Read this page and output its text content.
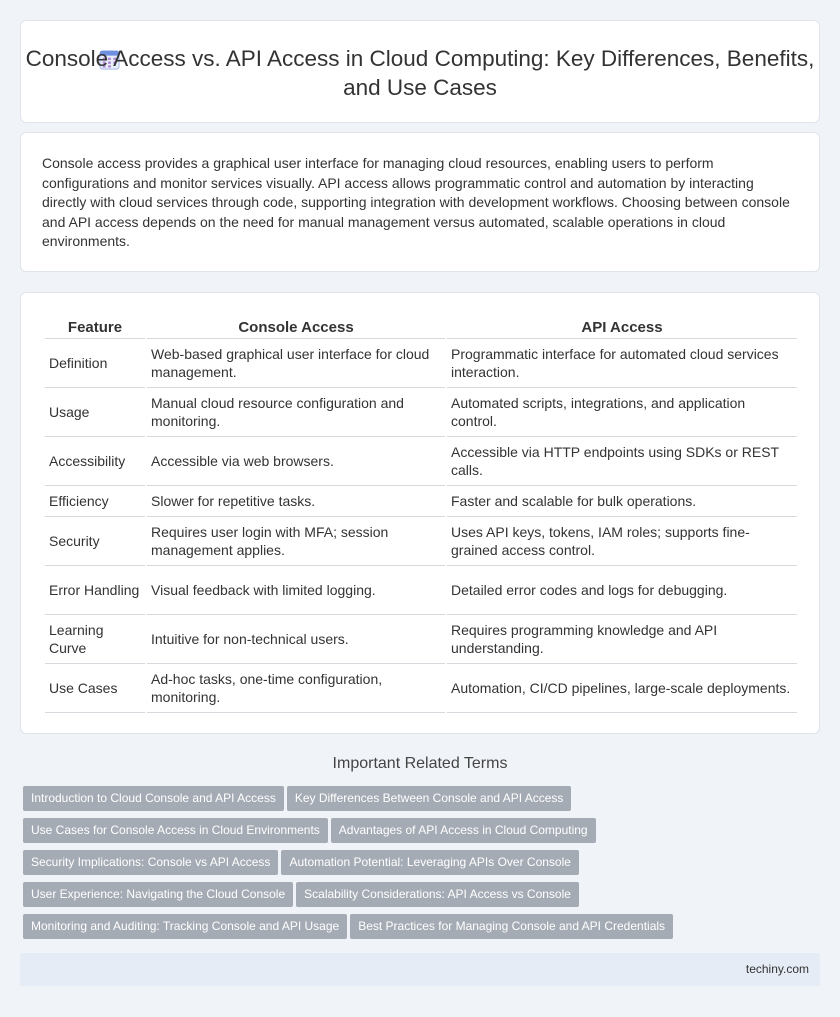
Console Access vs. API Access in Cloud Computing: Key Differences, Benefits, and Use Cases

Console access provides a graphical user interface for managing cloud resources, enabling users to perform configurations and monitor services visually. API access allows programmatic control and automation by interacting directly with cloud services through code, supporting integration with development workflows. Choosing between console and API access depends on the need for manual management versus automated, scalable operations in cloud environments.

Feature	Console Access	API Access
Definition	Web-based graphical user interface for cloud management.	Programmatic interface for automated cloud services interaction.
Usage	Manual cloud resource configuration and monitoring.	Automated scripts, integrations, and application control.
Accessibility	Accessible via web browsers.	Accessible via HTTP endpoints using SDKs or REST calls.
Efficiency	Slower for repetitive tasks.	Faster and scalable for bulk operations.
Security	Requires user login with MFA; session management applies.	Uses API keys, tokens, IAM roles; supports fine-grained access control.
Error Handling	Visual feedback with limited logging.	Detailed error codes and logs for debugging.
Learning Curve	Intuitive for non-technical users.	Requires programming knowledge and API understanding.
Use Cases	Ad-hoc tasks, one-time configuration, monitoring.	Automation, CI/CD pipelines, large-scale deployments.
Important Related Terms
Introduction to Cloud Console and API Access Key Differences Between Console and API Access
Use Cases for Console Access in Cloud Environments Advantages of API Access in Cloud Computing
Security Implications: Console vs API Access Automation Potential: Leveraging APIs Over Console
User Experience: Navigating the Cloud Console Scalability Considerations: API Access vs Console
Monitoring and Auditing: Tracking Console and API Usage Best Practices for Managing Console and API Credentials
techiny.com
